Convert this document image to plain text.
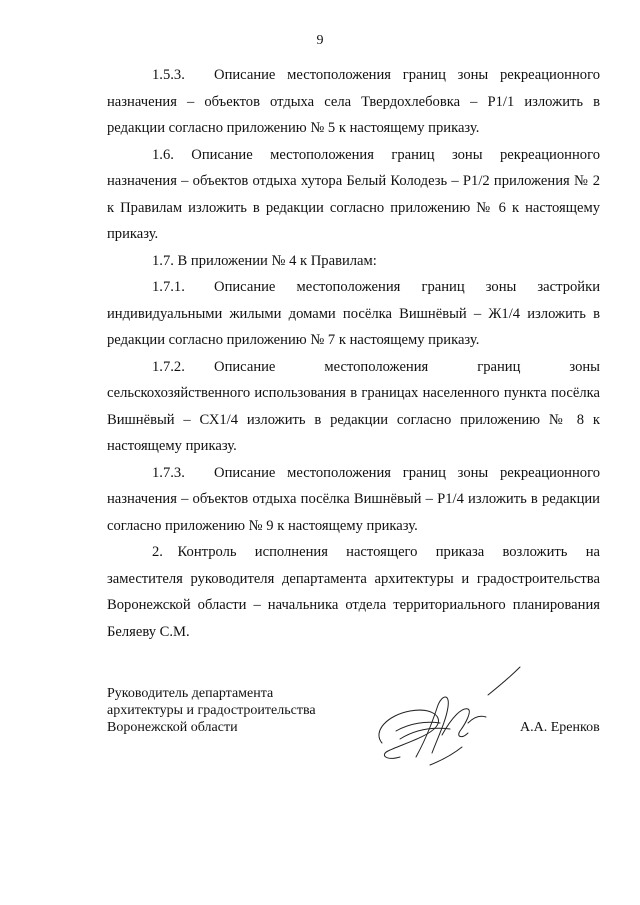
9

1.5.3.  Описание местоположения границ зоны рекреационного назначения – объектов отдыха села Твердохлебовка – Р1/1 изложить в редакции согласно приложению № 5 к настоящему приказу.

1.6. Описание местоположения границ зоны рекреационного назначения – объектов отдыха хутора Белый Колодезь – Р1/2 приложения № 2 к Правилам изложить в редакции согласно приложению № 6 к настоящему приказу.

1.7. В приложении № 4 к Правилам:

1.7.1.  Описание местоположения границ зоны застройки индивидуальными жилыми домами посёлка Вишнёвый – Ж1/4 изложить в редакции согласно приложению № 7 к настоящему приказу.

1.7.2.  Описание местоположения границ зоны сельскохозяйственного использования в границах населенного пункта посёлка Вишнёвый – СХ1/4 изложить в редакции согласно приложению № 8 к настоящему приказу.

1.7.3.  Описание местоположения границ зоны рекреационного назначения – объектов отдыха посёлка Вишнёвый – Р1/4 изложить в редакции согласно приложению № 9 к настоящему приказу.

2. Контроль исполнения настоящего приказа возложить на заместителя руководителя департамента архитектуры и градостроительства Воронежской области – начальника отдела территориального планирования Беляеву С.М.

Руководитель департамента
архитектуры и градостроительства
Воронежской области	А.А. Еренков
